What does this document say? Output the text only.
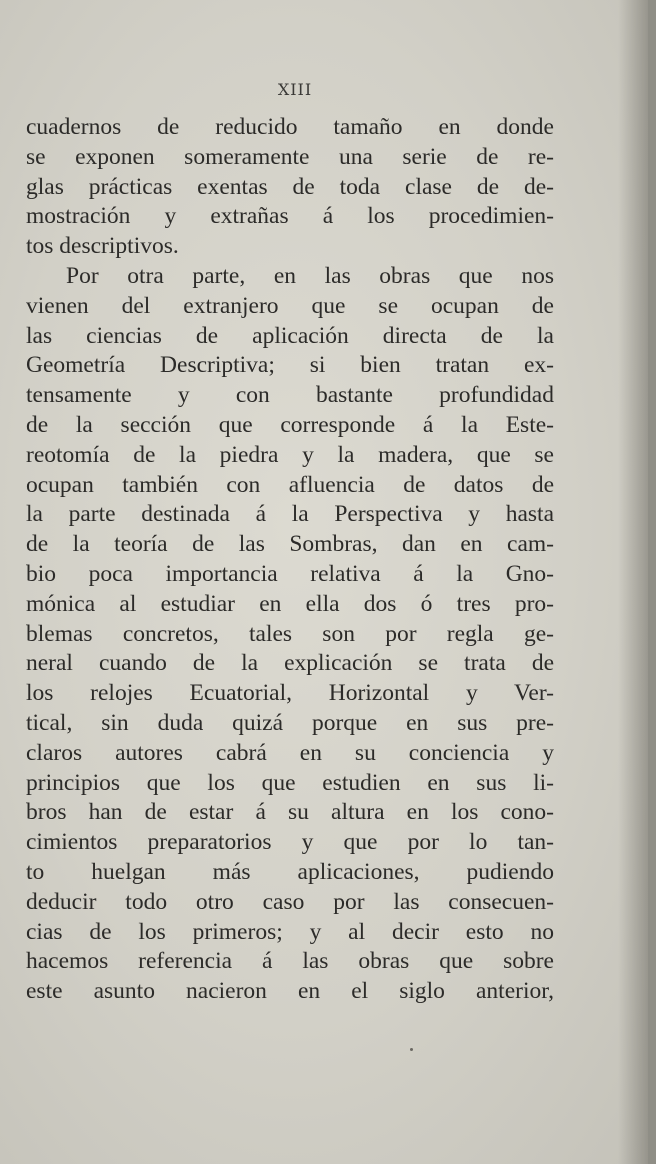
XIII
cuadernos de reducido tamaño en donde
se exponen someramente una serie de re-
glas prácticas exentas de toda clase de de-
mostración y extrañas á los procedimien-
tos descriptivos.
Por otra parte, en las obras que nos
vienen del extranjero que se ocupan de
las ciencias de aplicación directa de la
Geometría Descriptiva; si bien tratan ex-
tensamente y con bastante profundidad
de la sección que corresponde á la Este-
reotomía de la piedra y la madera, que se
ocupan también con afluencia de datos de
la parte destinada á la Perspectiva y hasta
de la teoría de las Sombras, dan en cam-
bio poca importancia relativa á la Gno-
mónica al estudiar en ella dos ó tres pro-
blemas concretos, tales son por regla ge-
neral cuando de la explicación se trata de
los relojes Ecuatorial, Horizontal y Ver-
tical, sin duda quizá porque en sus pre-
claros autores cabrá en su conciencia y
principios que los que estudien en sus li-
bros han de estar á su altura en los cono-
cimientos preparatorios y que por lo tan-
to huelgan más aplicaciones, pudiendo
deducir todo otro caso por las consecuen-
cias de los primeros; y al decir esto no
hacemos referencia á las obras que sobre
este asunto nacieron en el siglo anterior,
